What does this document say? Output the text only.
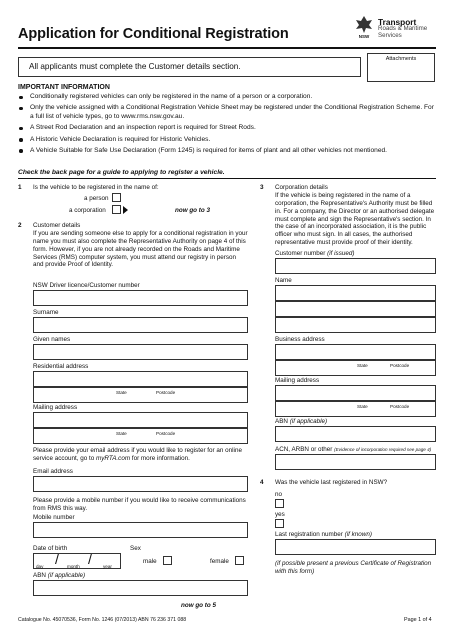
Application for Conditional Registration	NSW
Transport
Roads & Maritime
Services
All applicants must complete the Customer details section.
Attachments
IMPORTANT INFORMATION
Conditionally registered vehicles can only be registered in the name of a person or a corporation.
Only the vehicle assigned with a Conditional Registration Vehicle Sheet may be registered under the Conditional Registration Scheme. For a full list of vehicle types, go to www.rms.nsw.gov.au.
A Street Rod Declaration and an inspection report is required for Street Rods.
A Historic Vehicle Declaration is required for Historic Vehicles.
A Vehicle Suitable for Safe Use Declaration (Form 1245) is required for items of plant and all other vehicles not mentioned.
Check the back page for a guide to applying to register a vehicle.
1 Is the vehicle to be registered in the name of:
a person
a corporation	now go to 3
2 Customer details
If you are sending someone else to apply for a conditional registration in your name you must also complete the Representative Authority on page 4 of this form. However, if you are not already recorded on the Roads and Maritime Services (RMS) computer system, you must attend our registry in person and provide Proof of Identity.
NSW Driver licence/Customer number
Surname
Given names
Residential address
State	Postcode
Mailing address
State	Postcode
Please provide your email address if you would like to register for an online service account, go to myRTA.com for more information.
Email address
Please provide a mobile number if you would like to receive communications from RMS this way.
Mobile number
Date of birth
/ /
day	month	year
Sex
male	female
ABN (if applicable)
now go to 5
3 Corporation details
If the vehicle is being registered in the name of a corporation, the Representative's Authority must be filled in. For a company, the Director or an authorised delegate must complete and sign the Representative's section. In the case of an incorporated association, it is the public officer who must sign. In all cases, the authorised representative must provide proof of their identity.
Customer number (if issued)
Name
Business address
State	Postcode
Mailing address
State	Postcode
ABN (if applicable)
ACN, ARBN or other (Evidence of incorporation required see page 4)
4 Was the vehicle last registered in NSW?
no
yes
Last registration number (if known)
(if possible present a previous Certificate of Registration with this form)
Catalogue No. 45070536, Form No. 1246 (07/2013) ABN 76 236 371 088	Page 1 of 4
